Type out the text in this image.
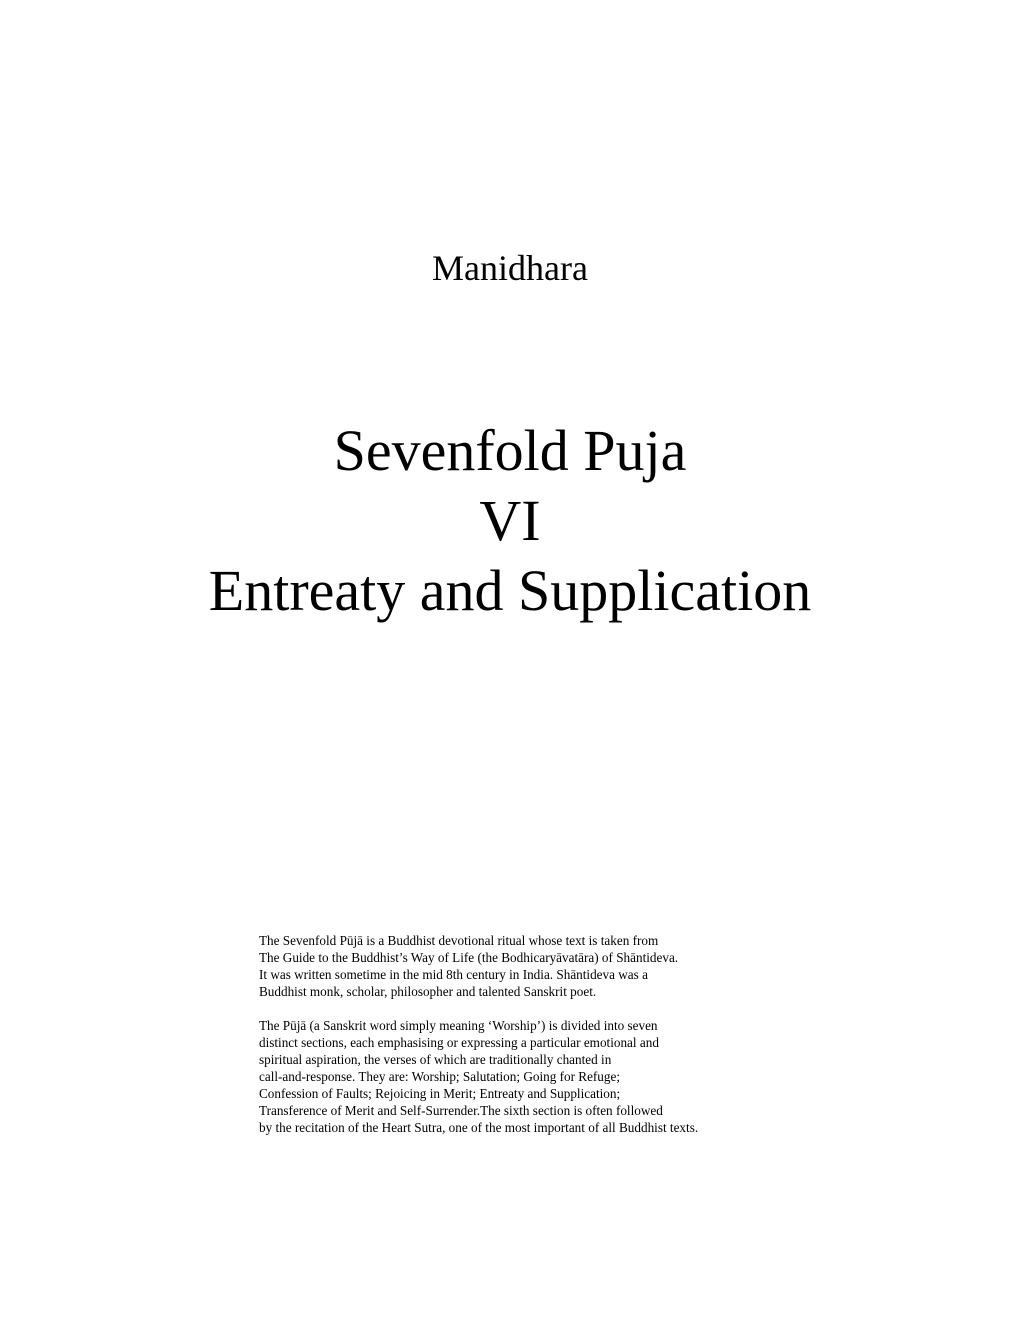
Manidhara
Sevenfold Puja
VI
Entreaty and Supplication

The Sevenfold Pūjā is a Buddhist devotional ritual whose text is taken from
The Guide to the Buddhist’s Way of Life (the Bodhicaryāvatāra) of Shāntideva.
It was written sometime in the mid 8th century in India. Shāntideva was a
Buddhist monk, scholar, philosopher and talented Sanskrit poet.

The Pūjā (a Sanskrit word simply meaning ‘Worship’) is divided into seven
distinct sections, each emphasising or expressing a particular emotional and
spiritual aspiration, the verses of which are traditionally chanted in
call-and-response. They are: Worship; Salutation; Going for Refuge;
Confession of Faults; Rejoicing in Merit; Entreaty and Supplication;
Transference of Merit and Self-Surrender.The sixth section is often followed
by the recitation of the Heart Sutra, one of the most important of all Buddhist texts.
